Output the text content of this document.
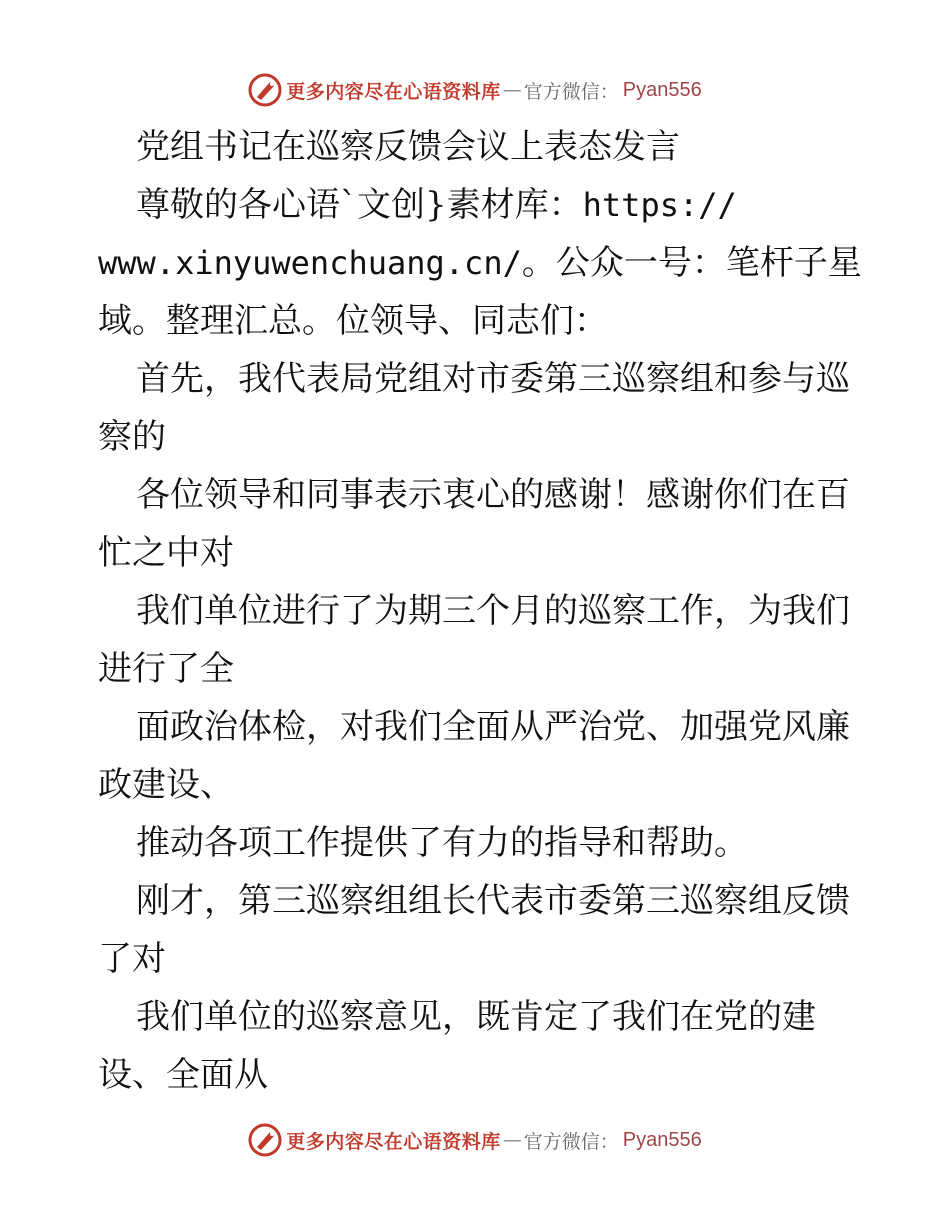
更多内容尽在心语资料库 — 官方微信： Pyan556
党组书记在巡察反馈会议上表态发言
尊敬的各心语`文创}素材库：https://
www.xinyuwenchuang.cn/。公众一号：笔杆子星
域。整理汇总。位领导、同志们：
首先，我代表局党组对市委第三巡察组和参与巡
察的
各位领导和同事表示衷心的感谢！感谢你们在百
忙之中对
我们单位进行了为期三个月的巡察工作，为我们
进行了全
面政治体检，对我们全面从严治党、加强党风廉
政建设、
推动各项工作提供了有力的指导和帮助。
刚才，第三巡察组组长代表市委第三巡察组反馈
了对
我们单位的巡察意见，既肯定了我们在党的建
设、全面从
更多内容尽在心语资料库 — 官方微信： Pyan556
